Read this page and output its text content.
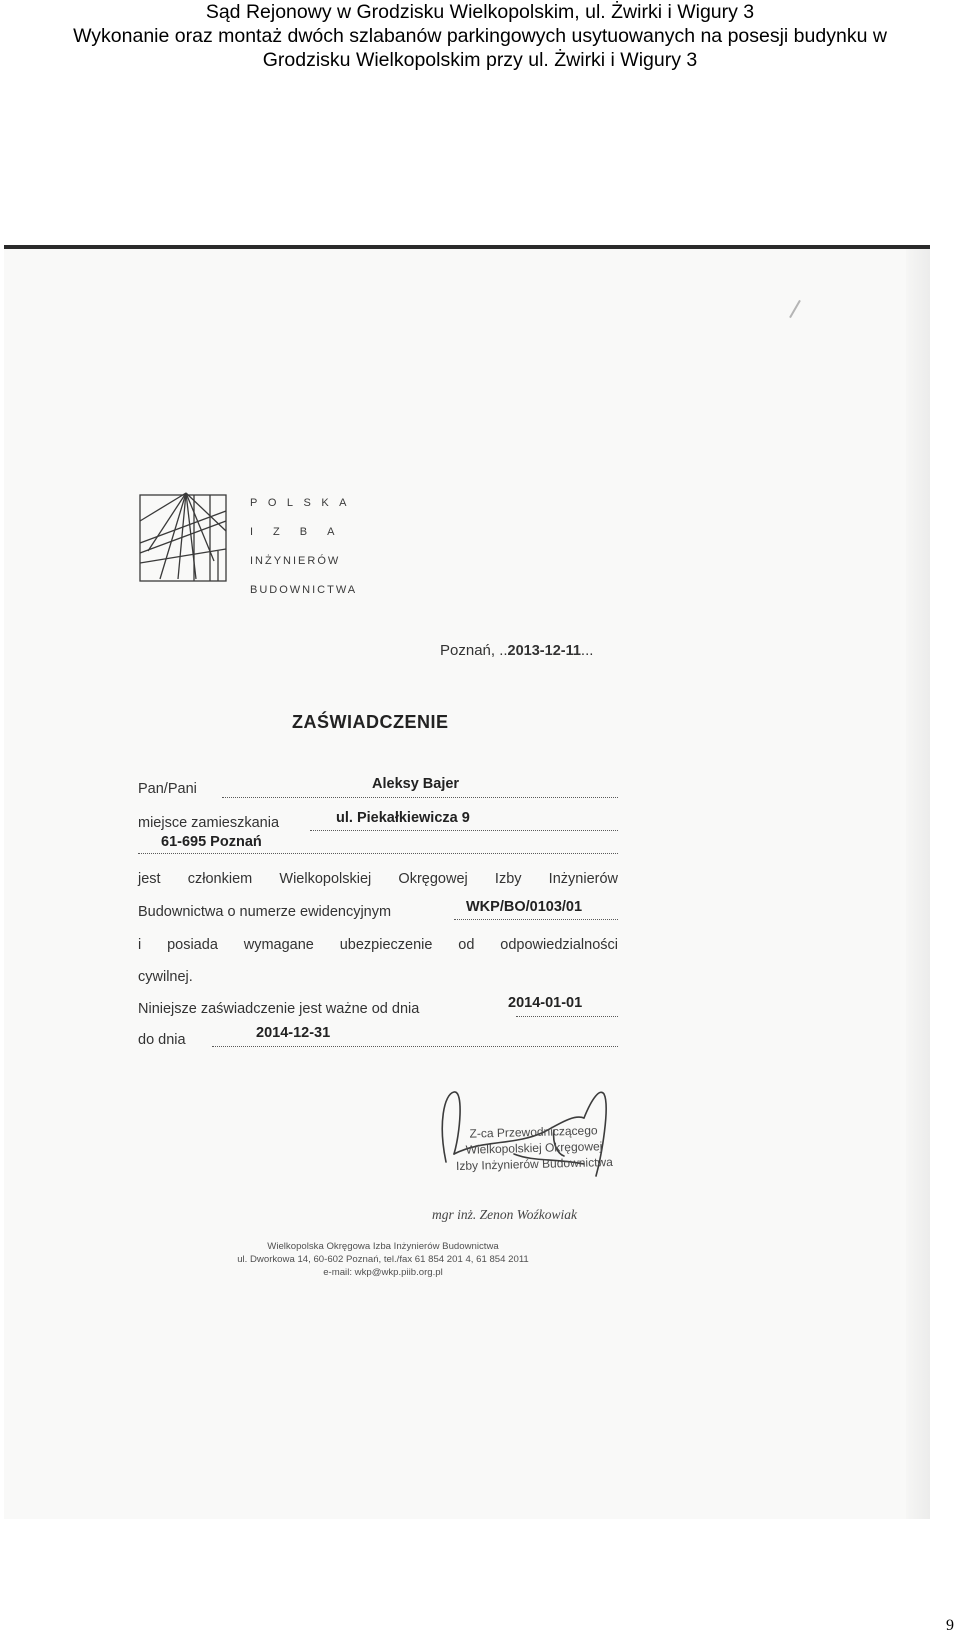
Sąd Rejonowy w Grodzisku Wielkopolskim, ul. Żwirki i Wigury 3
Wykonanie oraz montaż dwóch szlabanów parkingowych usytuowanych na posesji budynku w
Grodzisku Wielkopolskim przy ul. Żwirki i Wigury 3
POLSKA
IZBA
INŻYNIERÓW
BUDOWNICTWA
Poznań, ..2013-12-11...
ZAŚWIADCZENIE
Pan/Pani	Aleksy Bajer
miejsce zamieszkania	ul. Piekałkiewicza 9
61-695 Poznań
jest członkiem Wielkopolskiej Okręgowej Izby Inżynierów
Budownictwa o numerze ewidencyjnym	WKP/BO/0103/01
i posiada wymagane ubezpieczenie od odpowiedzialności
cywilnej.
Niniejsze zaświadczenie jest ważne od dnia	2014-01-01
do dnia	2014-12-31
Z-ca Przewodniczącego
Wielkopolskiej Okręgowej
Izby Inżynierów Budownictwa
mgr inż. Zenon Woźkowiak
Wielkopolska Okręgowa Izba Inżynierów Budownictwa
ul. Dworkowa 14, 60-602 Poznań, tel./fax 61 854 201 4, 61 854 2011
e-mail: wkp@wkp.piib.org.pl
9
